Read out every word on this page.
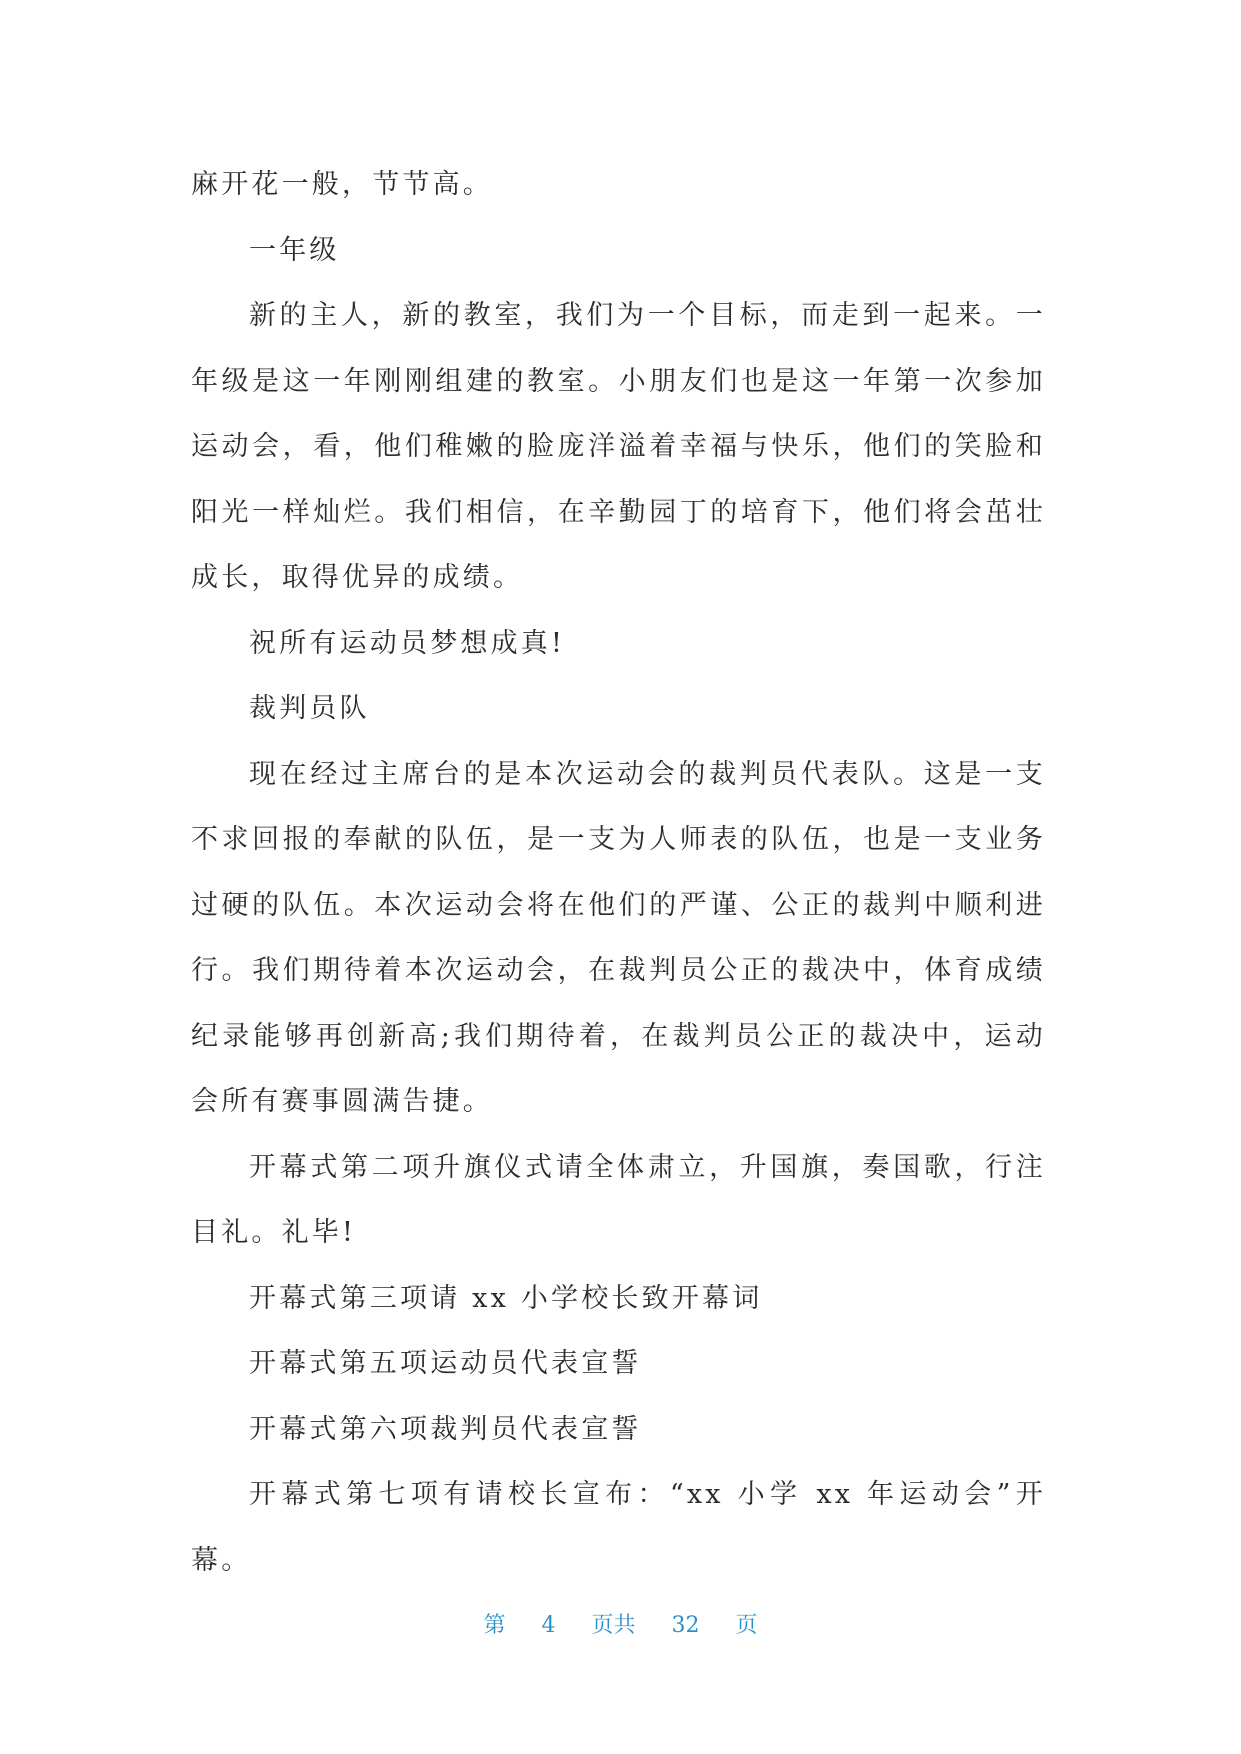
麻开花一般，节节高。

一年级

新的主人，新的教室，我们为一个目标，而走到一起来。一年级是这一年刚刚组建的教室。小朋友们也是这一年第一次参加运动会，看，他们稚嫩的脸庞洋溢着幸福与快乐，他们的笑脸和阳光一样灿烂。我们相信，在辛勤园丁的培育下，他们将会茁壮成长，取得优异的成绩。

祝所有运动员梦想成真!

裁判员队

现在经过主席台的是本次运动会的裁判员代表队。这是一支不求回报的奉献的队伍，是一支为人师表的队伍，也是一支业务过硬的队伍。本次运动会将在他们的严谨、公正的裁判中顺利进行。我们期待着本次运动会，在裁判员公正的裁决中，体育成绩纪录能够再创新高;我们期待着，在裁判员公正的裁决中，运动会所有赛事圆满告捷。

开幕式第二项升旗仪式请全体肃立，升国旗，奏国歌，行注目礼。礼毕!

开幕式第三项请 xx 小学校长致开幕词

开幕式第五项运动员代表宣誓

开幕式第六项裁判员代表宣誓

开幕式第七项有请校长宣布：“xx 小学 xx 年运动会”开幕。

第 4 页共 32 页
